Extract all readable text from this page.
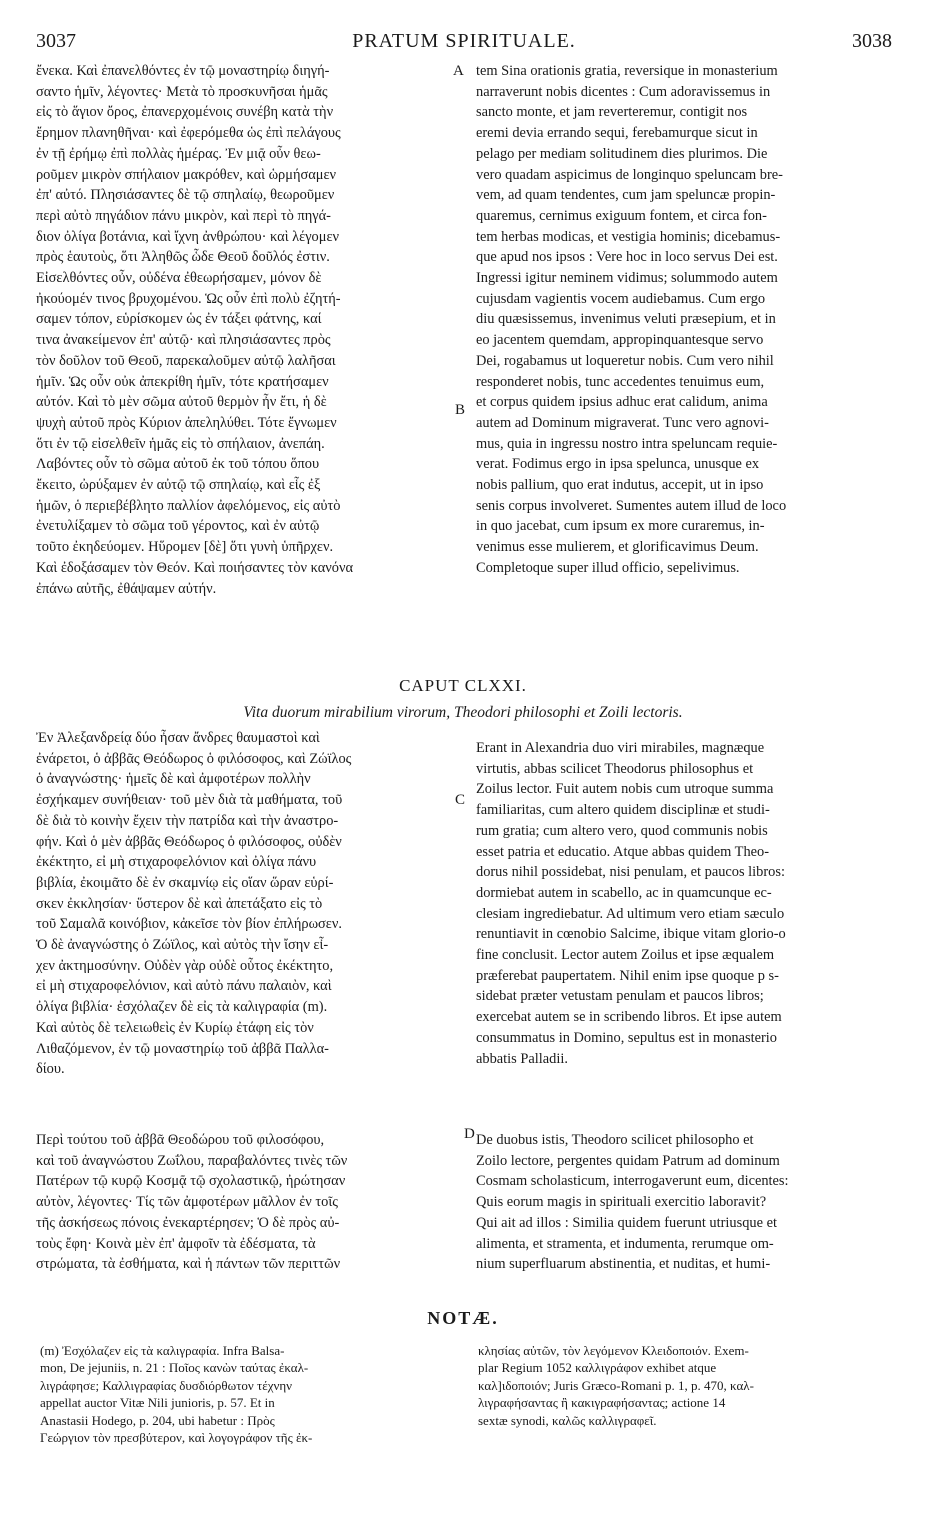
3037	PRATUM SPIRITUALE.	3038

ἔνεκα. Καὶ ἐπανελθόντες ἐν τῷ μοναστηρίῳ διηγή-

σαντο ἡμῖν, λέγοντες· Μετὰ τὸ προσκυνῆσαι ἡμᾶς

εἰς τὸ ἅγιον ὄρος, ἐπανερχομένοις συνέβη κατὰ τὴν

ἔρημον πλανηθῆναι· καὶ ἐφερόμεθα ὡς ἐπὶ πελάγους

ἐν τῇ ἐρήμῳ ἐπὶ πολλὰς ἡμέρας. Ἐν μιᾷ οὖν θεω-

ροῦμεν μικρὸν σπήλαιον μακρόθεν, καὶ ὡρμήσαμεν

ἐπ' αὐτό. Πλησιάσαντες δὲ τῷ σπηλαίῳ, θεωροῦμεν

περὶ αὐτὸ πηγάδιον πάνυ μικρὸν, καὶ περὶ τὸ πηγά-

διον ὀλίγα βοτάνια, καὶ ἴχνη ἀνθρώπου· καὶ λέγομεν

πρὸς ἑαυτοὺς, ὅτι Ἀληθῶς ὧδε Θεοῦ δοῦλός ἐστιν.

Εἰσελθόντες οὖν, οὐδένα ἐθεωρήσαμεν, μόνον δὲ

ἠκούομέν τινος βρυχομένου. Ὡς οὖν ἐπὶ πολὺ ἐζητή-

σαμεν τόπον, εὑρίσκομεν ὡς ἐν τάξει φάτνης, καί

τινα ἀνακείμενον ἐπ' αὐτῷ· καὶ πλησιάσαντες πρὸς

τὸν δοῦλον τοῦ Θεοῦ, παρεκαλοῦμεν αὐτῷ λαλῆσαι

ἡμῖν. Ὡς οὖν οὐκ ἀπεκρίθη ἡμῖν, τότε κρατήσαμεν

αὐτόν. Καὶ τὸ μὲν σῶμα αὐτοῦ θερμὸν ἦν ἔτι, ἡ δὲ

ψυχὴ αὐτοῦ πρὸς Κύριον ἀπεληλύθει. Τότε ἔγνωμεν

ὅτι ἐν τῷ εἰσελθεῖν ἡμᾶς εἰς τὸ σπήλαιον, ἀνεπάη.

Λαβόντες οὖν τὸ σῶμα αὐτοῦ ἐκ τοῦ τόπου ὅπου

ἔκειτο, ὠρύξαμεν ἐν αὐτῷ τῷ σπηλαίῳ, καὶ εἷς ἐξ

ἡμῶν, ὁ περιεβέβλητο παλλίον ἀφελόμενος, εἰς αὐτὸ

ἐνετυλίξαμεν τὸ σῶμα τοῦ γέροντος, καὶ ἐν αὐτῷ

τοῦτο ἐκηδεύομεν. Ηὕρομεν [δὲ] ὅτι γυνὴ ὑπῆρχεν.

Καὶ ἐδοξάσαμεν τὸν Θεόν. Καὶ ποιήσαντες τὸν κανόνα

ἐπάνω αὐτῆς, ἐθάψαμεν αὐτήν.

A tem Sina orationis gratia, reversique in monasterium

narraverunt nobis dicentes : Cum adoravissemus in

sancto monte, et jam reverteremur, contigit nos

eremi devia errando sequi, ferebamurque sicut in

pelago per mediam solitudinem dies plurimos. Die

vero quadam aspicimus de longinquo speluncam bre-

vem, ad quam tendentes, cum jam speluncæ propin-

quaremus, cernimus exiguum fontem, et circa fon-

tem herbas modicas, et vestigia hominis; dicebamus-

que apud nos ipsos : Vere hoc in loco servus Dei est.

Ingressi igitur neminem vidimus; solummodo autem

cujusdam vagientis vocem audiebamus. Cum ergo

diu quæsissemus, invenimus veluti præsepium, et in

eo jacentem quemdam, appropinquantesque servo

Dei, rogabamus ut loqueretur nobis. Cum vero nihil

responderet nobis, tunc accedentes tenuimus eum,

et corpus quidem ipsius adhuc erat calidum, anima

autem ad Dominum migraverat. Tunc vero agnovi-

mus, quia in ingressu nostro intra speluncam requie-

verat. Fodimus ergo in ipsa spelunca, unusque ex

nobis pallium, quo erat indutus, accepit, ut in ipso

senis corpus involveret. Sumentes autem illud de loco

in quo jacebat, cum ipsum ex more curaremus, in-

venimus esse mulierem, et glorificavimus Deum.

Completoque super illud officio, sepelivimus.

B
CAPUT CLXXI.
Vita duorum mirabilium virorum, Theodori philosophi et Zoili lectoris.

Ἐν Ἀλεξανδρείᾳ δύο ἦσαν ἄνδρες θαυμαστοὶ καὶ

ἐνάρετοι, ὁ ἀββᾶς Θεόδωρος ὁ φιλόσοφος, καὶ Ζώϊλος

ὁ ἀναγνώστης· ἡμεῖς δὲ καὶ ἀμφοτέρων πολλὴν

ἐσχήκαμεν συνήθειαν· τοῦ μὲν διὰ τὰ μαθήματα, τοῦ

δὲ διὰ τὸ κοινὴν ἔχειν τὴν πατρίδα καὶ τὴν ἀναστρο-

φήν. Καὶ ὁ μὲν ἀββᾶς Θεόδωρος ὁ φιλόσοφος, οὐδὲν

ἐκέκτητο, εἰ μὴ στιχαροφελόνιον καὶ ὀλίγα πάνυ

βιβλία, ἐκοιμᾶτο δὲ ἐν σκαμνίῳ εἰς οἵαν ὥραν εὑρί-

σκεν ἐκκλησίαν· ὕστερον δὲ καὶ ἀπετάξατο εἰς τὸ

τοῦ Σαμαλᾶ κοινόβιον, κἀκεῖσε τὸν βίον ἐπλήρωσεν.

Ὁ δὲ ἀναγνώστης ὁ Ζώϊλος, καὶ αὐτὸς τὴν ἴσην εἶ-

χεν ἀκτημοσύνην. Οὐδὲν γὰρ οὐδὲ οὗτος ἐκέκτητο,

εἰ μὴ στιχαροφελόνιον, καὶ αὐτὸ πάνυ παλαιὸν, καὶ

ὀλίγα βιβλία· ἐσχόλαζεν δὲ εἰς τὰ καλιγραφία (m).

Καὶ αὐτὸς δὲ τελειωθεὶς ἐν Κυρίῳ ἐτάφη εἰς τὸν

Λιθαζόμενον, ἐν τῷ μοναστηρίῳ τοῦ ἀββᾶ Παλλα-

δίου.

C

Erant in Alexandria duo viri mirabiles, magnæque

virtutis, abbas scilicet Theodorus philosophus et

Zoilus lector. Fuit autem nobis cum utroque summa

familiaritas, cum altero quidem disciplinæ et studi-

rum gratia; cum altero vero, quod communis nobis

esset patria et educatio. Atque abbas quidem Theo-

dorus nihil possidebat, nisi penulam, et paucos libros:

dormiebat autem in scabello, ac in quamcunque ec-

clesiam ingrediebatur. Ad ultimum vero etiam sæculo

renuntiavit in cœnobio Salcime, ibique vitam glorio-o

fine conclusit. Lector autem Zoilus et ipse æqualem

præferebat paupertatem. Nihil enim ipse quoque p s-

sidebat præter vetustam penulam et paucos libros;

exercebat autem se in scribendo libros. Et ipse autem

consummatus in Domino, sepultus est in monasterio

abbatis Palladii.

Περὶ τούτου τοῦ ἀββᾶ Θεοδώρου τοῦ φιλοσόφου,

καὶ τοῦ ἀναγνώστου Ζωΐλου, παραβαλόντες τινὲς τῶν

Πατέρων τῷ κυρῷ Κοσμᾷ τῷ σχολαστικῷ, ἠρώτησαν

αὐτὸν, λέγοντες· Τίς τῶν ἀμφοτέρων μᾶλλον ἐν τοῖς

τῆς ἀσκήσεως πόνοις ἐνεκαρτέρησεν; Ὁ δὲ πρὸς αὐ-

τοὺς ἔφη· Κοινὰ μὲν ἐπ' ἀμφοῖν τὰ ἐδέσματα, τὰ

στρώματα, τὰ ἐσθήματα, καὶ ἡ πάντων τῶν περιττῶν

D De duobus istis, Theodoro scilicet philosopho et

Zoilo lectore, pergentes quidam Patrum ad dominum

Cosmam scholasticum, interrogaverunt eum, dicentes:

Quis eorum magis in spirituali exercitio laboravit?

Qui ait ad illos : Similia quidem fuerunt utriusque et

alimenta, et stramenta, et indumenta, rerumque om-

nium superfluarum abstinentia, et nuditas, et humi-

NOTÆ.

(m) Ἐσχόλαζεν εἰς τὰ καλιγραφία. Infra Balsa-

mon, De jejuniis, n. 21 : Ποῖος κανὼν ταύτας ἐκαλ-

λιγράφησε; Καλλιγραφίας δυσδιόρθωτον τέχνην

appellat auctor Vitæ Nili junioris, p. 57. Et in

Anastasii Hodego, p. 204, ubi habetur : Πρὸς

Γεώργιον τὸν πρεσβύτερον, καὶ λογογράφον τῆς ἐκ-

κλησίας αὐτῶν, τὸν λεγόμενον Κλειδοποιόν. Exem-

plar Regium 1052 καλλιγράφον exhibet atque

καλ]ιδοποιόν; Juris Græco-Romani p. 1, p. 470, καλ-

λιγραφήσαντας ἢ κακιγραφήσαντας; actione 14

sextæ synodi, καλῶς καλλιγραφεῖ.
